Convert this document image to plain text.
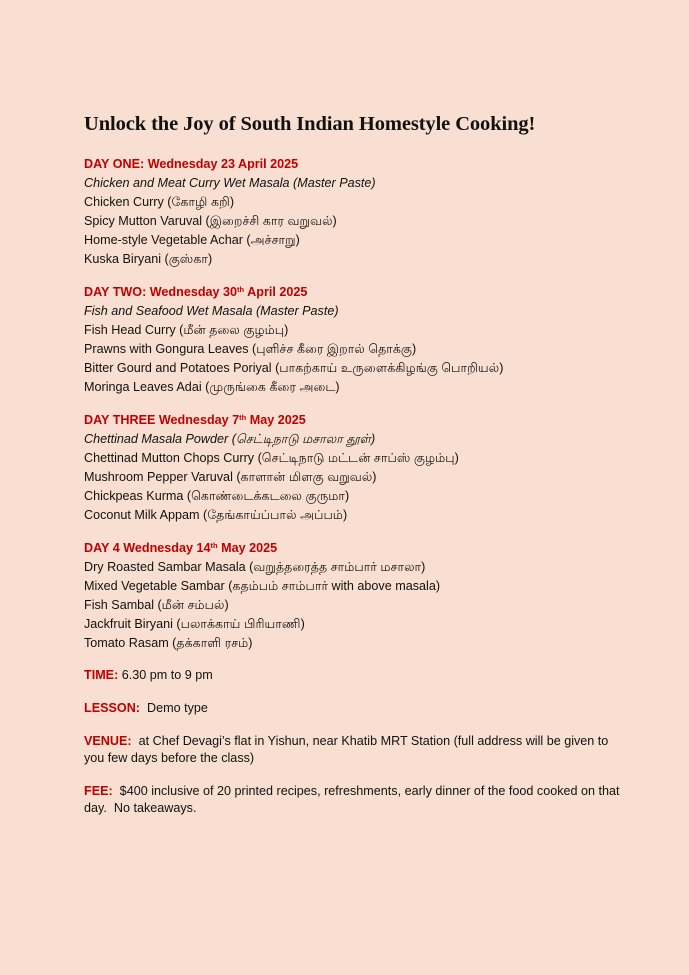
Unlock the Joy of South Indian Homestyle Cooking!
DAY ONE: Wednesday 23 April 2025
Chicken and Meat Curry Wet Masala (Master Paste)
Chicken Curry (கோழி கறி)
Spicy Mutton Varuval (இறைச்சி கார வறுவல்)
Home-style Vegetable Achar (அச்சாறு)
Kuska Biryani (குஸ்கா)
DAY TWO: Wednesday 30th April 2025
Fish and Seafood Wet Masala (Master Paste)
Fish Head Curry (மீன் தலை குழம்பு)
Prawns with Gongura Leaves (புளிச்ச கீரை இறால் தொக்கு)
Bitter Gourd and Potatoes Poriyal (பாகற்காய் உருளைக்கிழங்கு பொறியல்)
Moringa Leaves Adai (முருங்கை கீரை அடை)
DAY THREE Wednesday 7th May 2025
Chettinad Masala Powder (செட்டிநாடு மசாலா தூள்)
Chettinad Mutton Chops Curry (செட்டிநாடு மட்டன் சாப்ஸ் குழம்பு)
Mushroom Pepper Varuval (காளான் மிளகு வறுவல்)
Chickpeas Kurma (கொண்டைக்கடலை குருமா)
Coconut Milk Appam (தேங்காய்ப்பால் அப்பம்)
DAY 4 Wednesday 14th May 2025
Dry Roasted Sambar Masala (வறுத்தரைத்த சாம்பார் மசாலா)
Mixed Vegetable Sambar (கதம்பம் சாம்பார் with above masala)
Fish Sambal (மீன் சம்பல்)
Jackfruit Biryani (பலாக்காய் பிரியாணி)
Tomato Rasam (தக்காளி ரசம்)
TIME: 6.30 pm to 9 pm
LESSON:  Demo type
VENUE:  at Chef Devagi’s flat in Yishun, near Khatib MRT Station (full address will be given to you few days before the class)
FEE:  $400 inclusive of 20 printed recipes, refreshments, early dinner of the food cooked on that day.  No takeaways.
